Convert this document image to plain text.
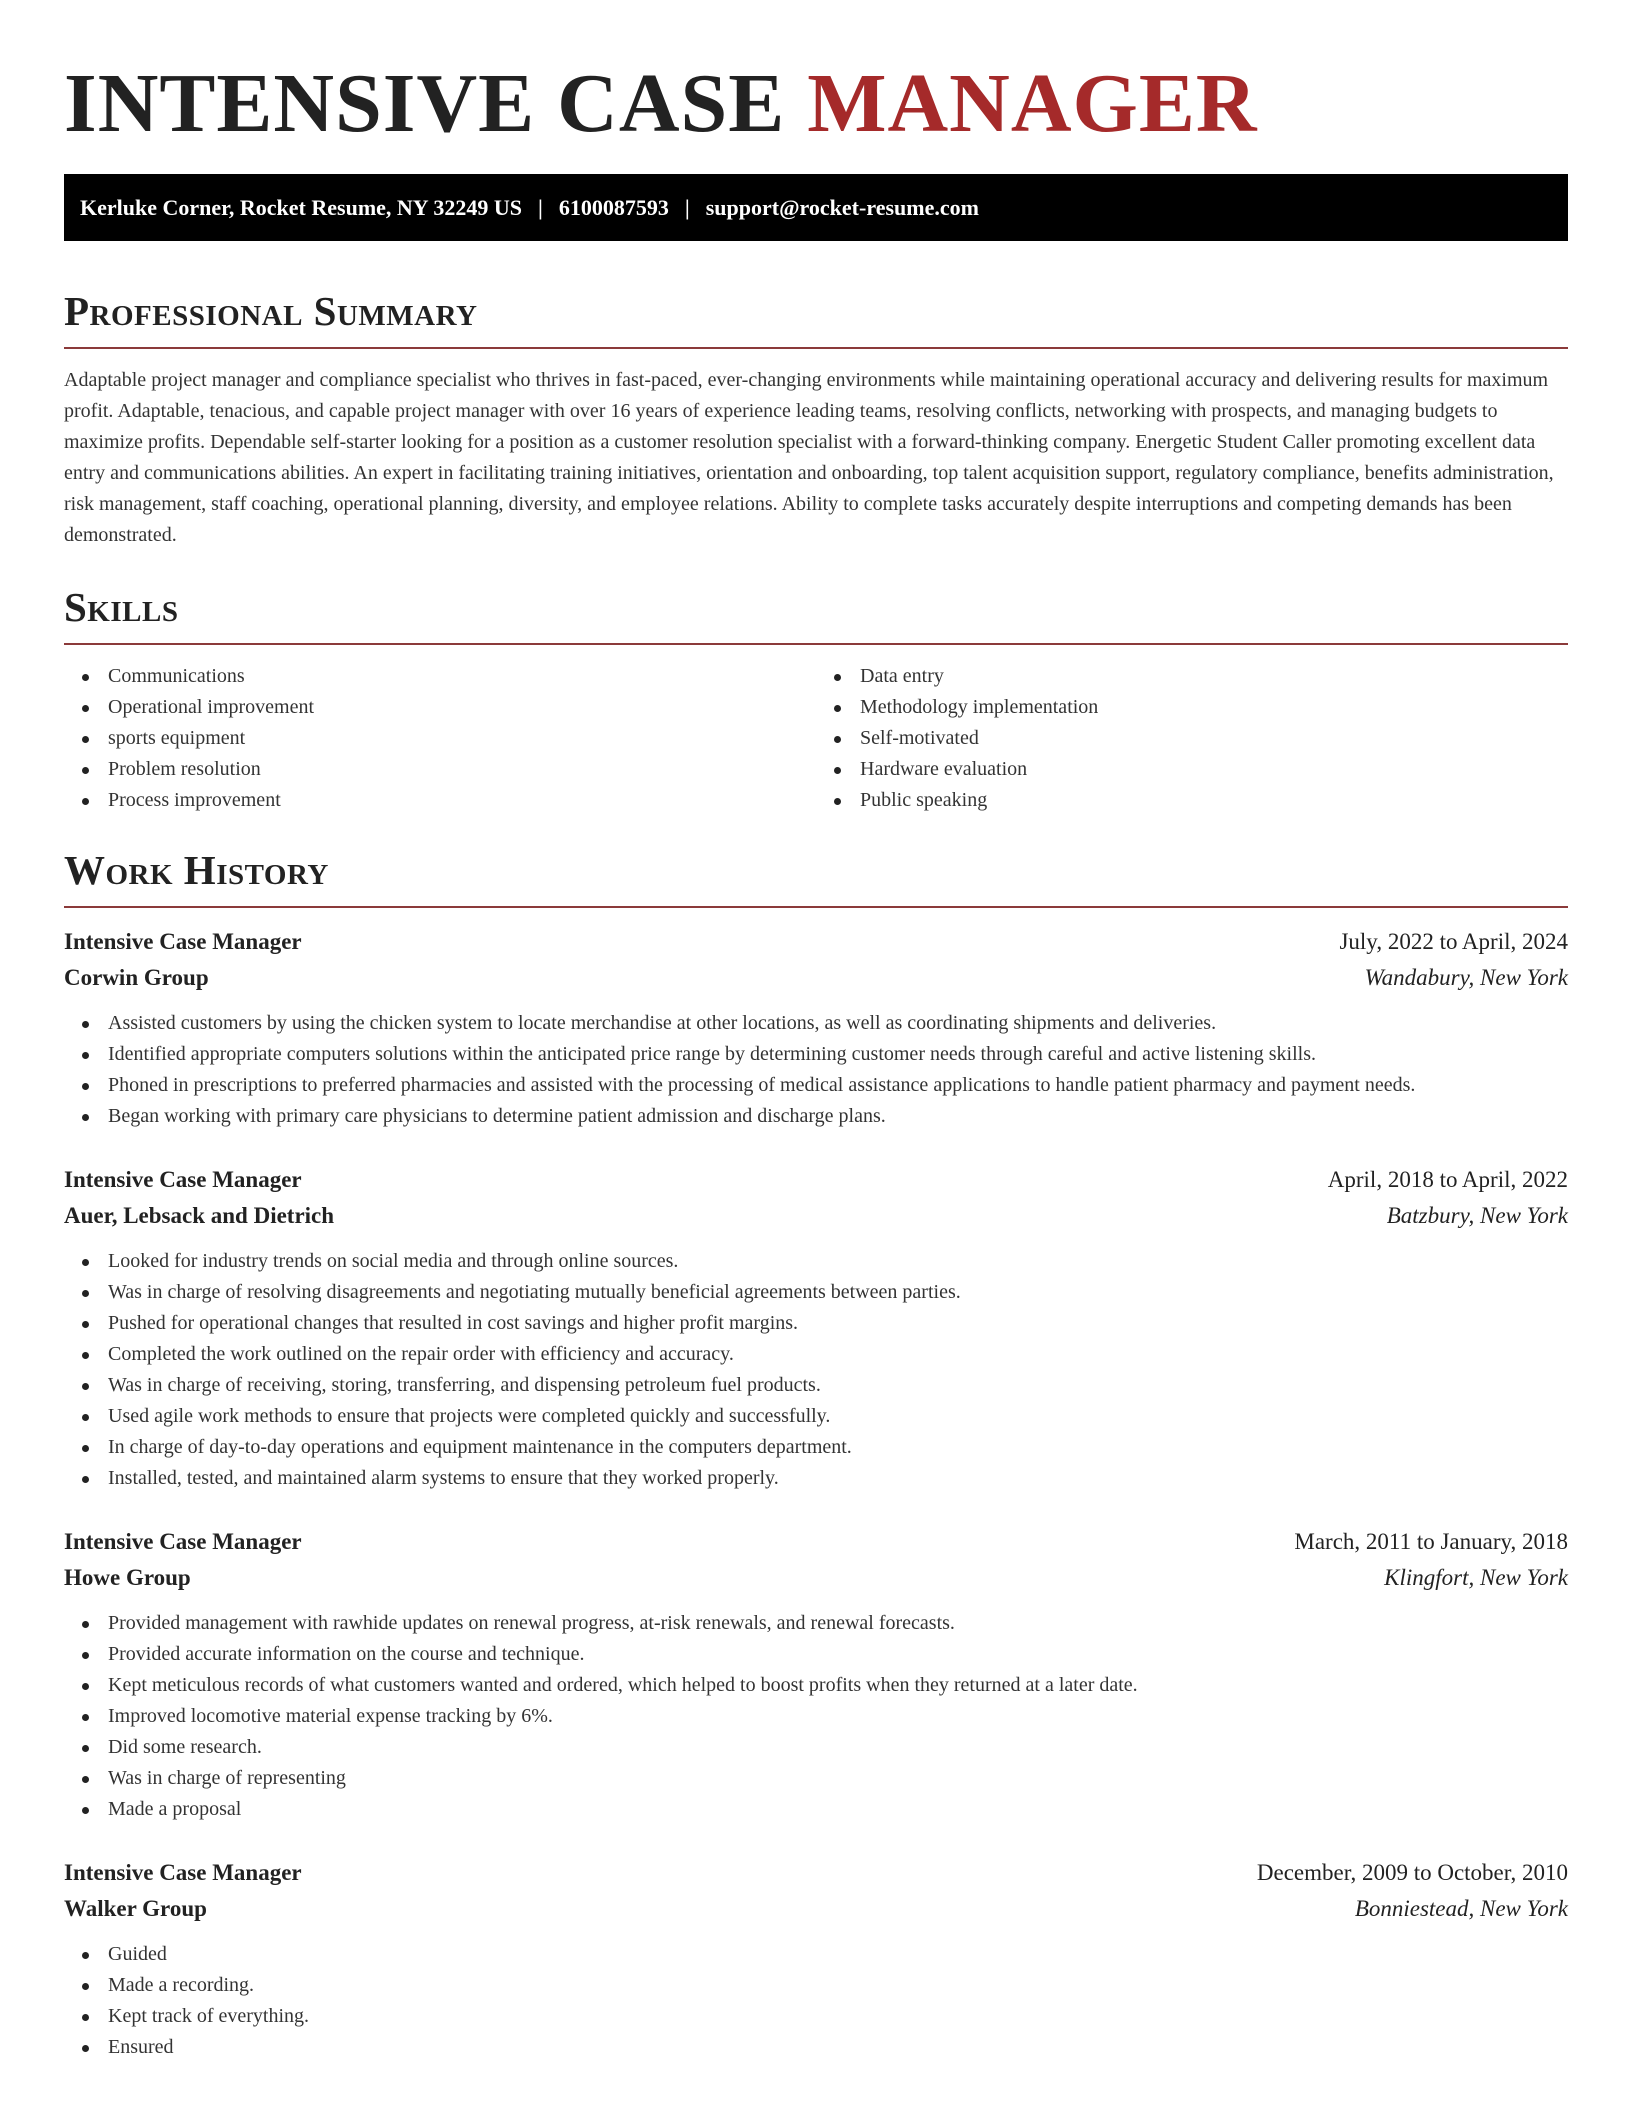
INTENSIVE CASE MANAGER
Kerluke Corner, Rocket Resume, NY 32249 US | 6100087593 | support@rocket-resume.com
Professional Summary

Adaptable project manager and compliance specialist who thrives in fast-paced, ever-changing environments while maintaining operational accuracy and delivering results for maximum profit. Adaptable, tenacious, and capable project manager with over 16 years of experience leading teams, resolving conflicts, networking with prospects, and managing budgets to maximize profits. Dependable self-starter looking for a position as a customer resolution specialist with a forward-thinking company. Energetic Student Caller promoting excellent data entry and communications abilities. An expert in facilitating training initiatives, orientation and onboarding, top talent acquisition support, regulatory compliance, benefits administration, risk management, staff coaching, operational planning, diversity, and employee relations. Ability to complete tasks accurately despite interruptions and competing demands has been demonstrated.

Skills
Communications
Operational improvement
sports equipment
Problem resolution
Process improvement
Data entry
Methodology implementation
Self-motivated
Hardware evaluation
Public speaking
Work History
Intensive Case Manager	July, 2022 to April, 2024
Corwin Group	Wandabury, New York
Assisted customers by using the chicken system to locate merchandise at other locations, as well as coordinating shipments and deliveries.
Identified appropriate computers solutions within the anticipated price range by determining customer needs through careful and active listening skills.
Phoned in prescriptions to preferred pharmacies and assisted with the processing of medical assistance applications to handle patient pharmacy and payment needs.
Began working with primary care physicians to determine patient admission and discharge plans.
Intensive Case Manager	April, 2018 to April, 2022
Auer, Lebsack and Dietrich	Batzbury, New York
Looked for industry trends on social media and through online sources.
Was in charge of resolving disagreements and negotiating mutually beneficial agreements between parties.
Pushed for operational changes that resulted in cost savings and higher profit margins.
Completed the work outlined on the repair order with efficiency and accuracy.
Was in charge of receiving, storing, transferring, and dispensing petroleum fuel products.
Used agile work methods to ensure that projects were completed quickly and successfully.
In charge of day-to-day operations and equipment maintenance in the computers department.
Installed, tested, and maintained alarm systems to ensure that they worked properly.
Intensive Case Manager	March, 2011 to January, 2018
Howe Group	Klingfort, New York
Provided management with rawhide updates on renewal progress, at-risk renewals, and renewal forecasts.
Provided accurate information on the course and technique.
Kept meticulous records of what customers wanted and ordered, which helped to boost profits when they returned at a later date.
Improved locomotive material expense tracking by 6%.
Did some research.
Was in charge of representing
Made a proposal
Intensive Case Manager	December, 2009 to October, 2010
Walker Group	Bonniestead, New York
Guided
Made a recording.
Kept track of everything.
Ensured
